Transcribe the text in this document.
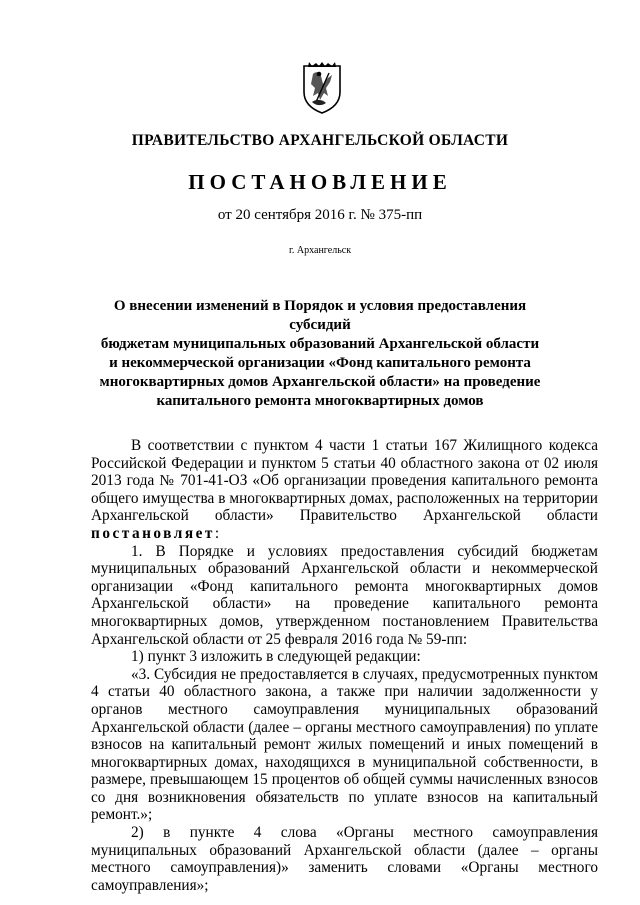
ПРАВИТЕЛЬСТВО АРХАНГЕЛЬСКОЙ ОБЛАСТИ
ПОСТАНОВЛЕНИЕ
от 20 сентября 2016 г. № 375-пп
г. Архангельск
О внесении изменений в Порядок и условия предоставления субсидий
бюджетам муниципальных образований Архангельской области
и некоммерческой организации «Фонд капитального ремонта
многоквартирных домов Архангельской области» на проведение
капитального ремонта многоквартирных домов

В соответствии с пунктом 4 части 1 статьи 167 Жилищного кодекса Российской Федерации и пунктом 5 статьи 40 областного закона от 02 июля 2013 года № 701-41-ОЗ «Об организации проведения капитального ремонта общего имущества в многоквартирных домах, расположенных на территории Архангельской области» Правительство Архангельской области постановляет:

1. В Порядке и условиях предоставления субсидий бюджетам муниципальных образований Архангельской области и некоммерческой организации «Фонд капитального ремонта многоквартирных домов Архангельской области» на проведение капитального ремонта многоквартирных домов, утвержденном постановлением Правительства Архангельской области от 25 февраля 2016 года № 59-пп:

1) пункт 3 изложить в следующей редакции:

«3. Субсидия не предоставляется в случаях, предусмотренных пунктом 4 статьи 40 областного закона, а также при наличии задолженности у органов местного самоуправления муниципальных образований Архангельской области (далее – органы местного самоуправления) по уплате взносов на капитальный ремонт жилых помещений и иных помещений в многоквартирных домах, находящихся в муниципальной собственности, в размере, превышающем 15 процентов об общей суммы начисленных взносов со дня возникновения обязательств по уплате взносов на капитальный ремонт.»;

2) в пункте 4 слова «Органы местного самоуправления муниципальных образований Архангельской области (далее – органы местного самоуправления)» заменить словами «Органы местного самоуправления»;
